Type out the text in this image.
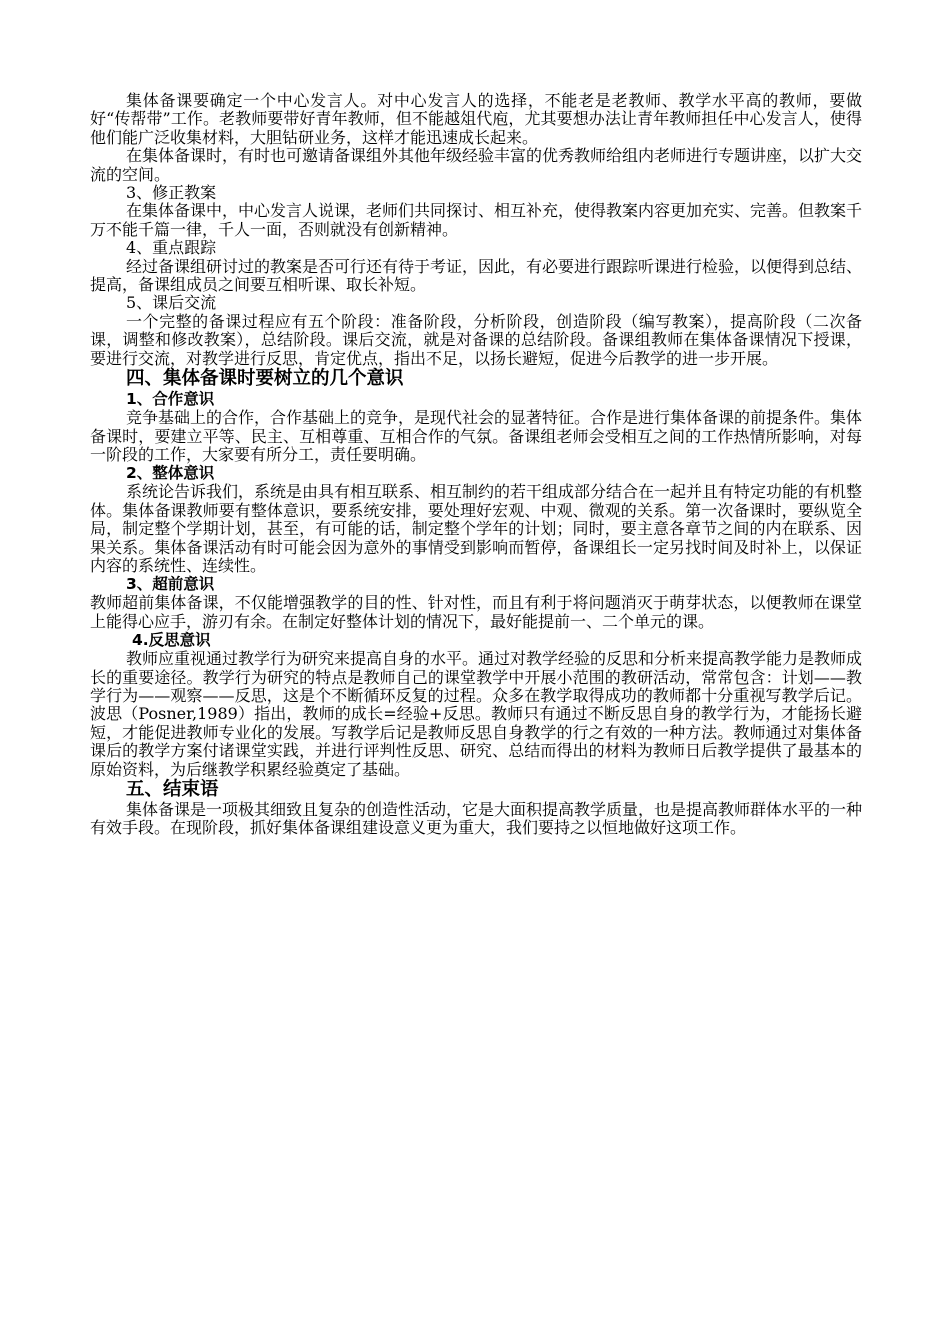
集体备课要确定一个中心发言人。对中心发言人的选择，不能老是老教师、教学水平高的教师，要做好“传帮带”工作。老教师要带好青年教师，但不能越俎代庖，尤其要想办法让青年教师担任中心发言人，使得他们能广泛收集材料，大胆钻研业务，这样才能迅速成长起来。

在集体备课时，有时也可邀请备课组外其他年级经验丰富的优秀教师给组内老师进行专题讲座，以扩大交流的空间。

3、修正教案

在集体备课中，中心发言人说课，老师们共同探讨、相互补充，使得教案内容更加充实、完善。但教案千万不能千篇一律，千人一面，否则就没有创新精神。

4、重点跟踪

经过备课组研讨过的教案是否可行还有待于考证，因此，有必要进行跟踪听课进行检验，以便得到总结、提高，备课组成员之间要互相听课、取长补短。

5、课后交流

一个完整的备课过程应有五个阶段：准备阶段，分析阶段，创造阶段（编写教案），提高阶段（二次备课，调整和修改教案），总结阶段。课后交流，就是对备课的总结阶段。备课组教师在集体备课情况下授课，要进行交流，对教学进行反思，肯定优点，指出不足，以扬长避短，促进今后教学的进一步开展。

四、集体备课时要树立的几个意识
1、合作意识

竞争基础上的合作，合作基础上的竞争，是现代社会的显著特征。合作是进行集体备课的前提条件。集体备课时，要建立平等、民主、互相尊重、互相合作的气氛。备课组老师会受相互之间的工作热情所影响，对每一阶段的工作，大家要有所分工，责任要明确。

2、整体意识

系统论告诉我们，系统是由具有相互联系、相互制约的若干组成部分结合在一起并且有特定功能的有机整体。集体备课教师要有整体意识，要系统安排，要处理好宏观、中观、微观的关系。第一次备课时，要纵览全局，制定整个学期计划，甚至，有可能的话，制定整个学年的计划；同时，要主意各章节之间的内在联系、因果关系。集体备课活动有时可能会因为意外的事情受到影响而暂停，备课组长一定另找时间及时补上，以保证内容的系统性、连续性。

3、超前意识

教师超前集体备课，不仅能增强教学的目的性、针对性，而且有利于将问题消灭于萌芽状态，以便教师在课堂上能得心应手，游刃有余。在制定好整体计划的情况下，最好能提前一、二个单元的课。

4.反思意识

教师应重视通过教学行为研究来提高自身的水平。通过对教学经验的反思和分析来提高教学能力是教师成长的重要途径。教学行为研究的特点是教师自己的课堂教学中开展小范围的教研活动，常常包含：计划——教学行为——观察——反思，这是个不断循环反复的过程。众多在教学取得成功的教师都十分重视写教学后记。波思（Posner,1989）指出，教师的成长=经验+反思。教师只有通过不断反思自身的教学行为，才能扬长避短，才能促进教师专业化的发展。写教学后记是教师反思自身教学的行之有效的一种方法。教师通过对集体备课后的教学方案付诸课堂实践，并进行评判性反思、研究、总结而得出的材料为教师日后教学提供了最基本的原始资料，为后继教学积累经验奠定了基础。

五、结束语

集体备课是一项极其细致且复杂的创造性活动，它是大面积提高教学质量，也是提高教师群体水平的一种有效手段。在现阶段，抓好集体备课组建设意义更为重大，我们要持之以恒地做好这项工作。
